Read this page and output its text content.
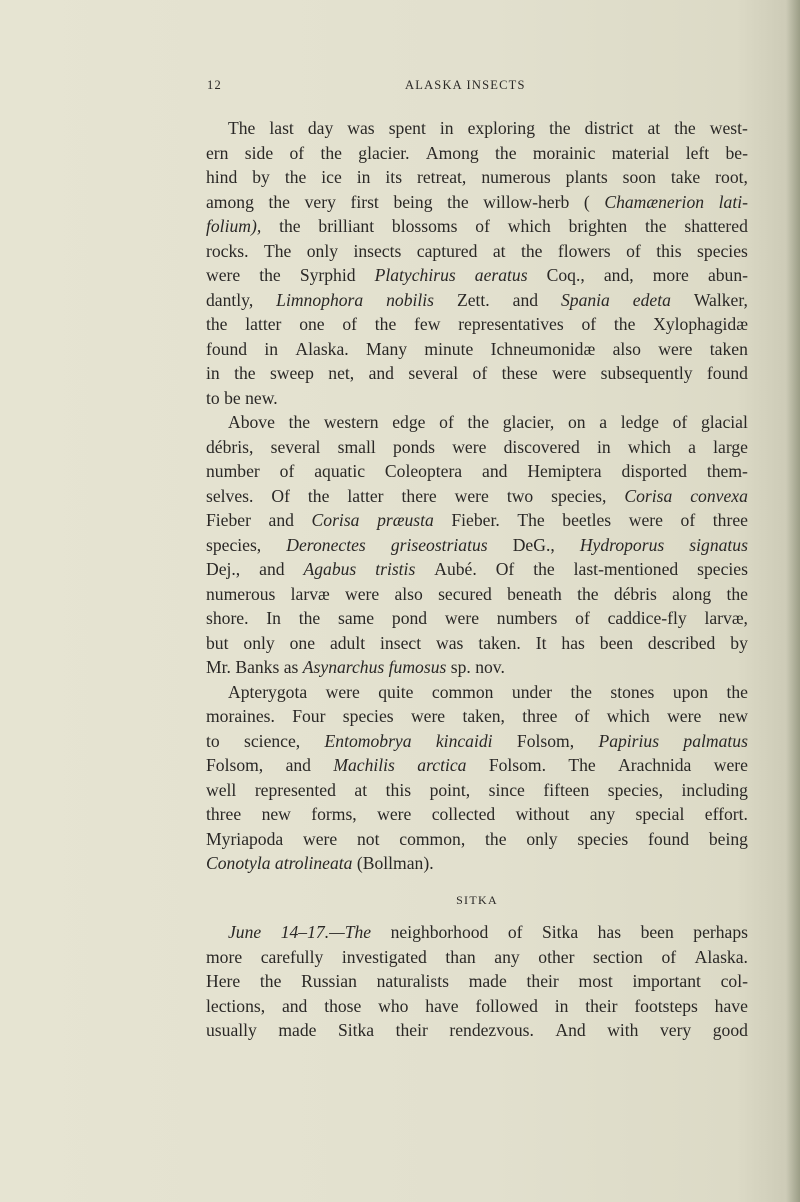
12	ALASKA INSECTS
The last day was spent in exploring the district at the west-
ern side of the glacier. Among the morainic material left be-
hind by the ice in its retreat, numerous plants soon take root,
among the very first being the willow-herb ( Chamænerion lati-
folium), the brilliant blossoms of which brighten the shattered
rocks. The only insects captured at the flowers of this species
were the Syrphid Platychirus aeratus Coq., and, more abun-
dantly, Limnophora nobilis Zett. and Spania edeta Walker,
the latter one of the few representatives of the Xylophagidæ
found in Alaska. Many minute Ichneumonidæ also were taken
in the sweep net, and several of these were subsequently found
to
be
new.
Above the western edge of the glacier, on a ledge of glacial
débris, several small ponds were discovered in which a large
number of aquatic Coleoptera and Hemiptera disported them-
selves. Of the latter there were two species, Corisa convexa
Fieber and Corisa præusta Fieber. The beetles were of three
species, Deronectes griseostriatus DeG., Hydroporus signatus
Dej., and Agabus tristis Aubé. Of the last-mentioned species
numerous larvæ were also secured beneath the débris along the
shore. In the same pond were numbers of caddice-fly larvæ,
but only one adult insect was taken. It has been described by
Mr.
Banks
as
Asynarchus
fumosus
sp.
nov.
Apterygota were quite common under the stones upon the
moraines. Four species were taken, three of which were new
to science, Entomobrya kincaidi Folsom, Papirius palmatus
Folsom, and Machilis arctica Folsom. The Arachnida were
well represented at this point, since fifteen species, including
three new forms, were collected without any special effort.
Myriapoda were not common, the only species found being
Conotyla
atrolineata
(Bollman).
SITKA
June 14–17.—The neighborhood of Sitka has been perhaps
more carefully investigated than any other section of Alaska.
Here the Russian naturalists made their most important col-
lections, and those who have followed in their footsteps have
usually made Sitka their rendezvous. And with very good
